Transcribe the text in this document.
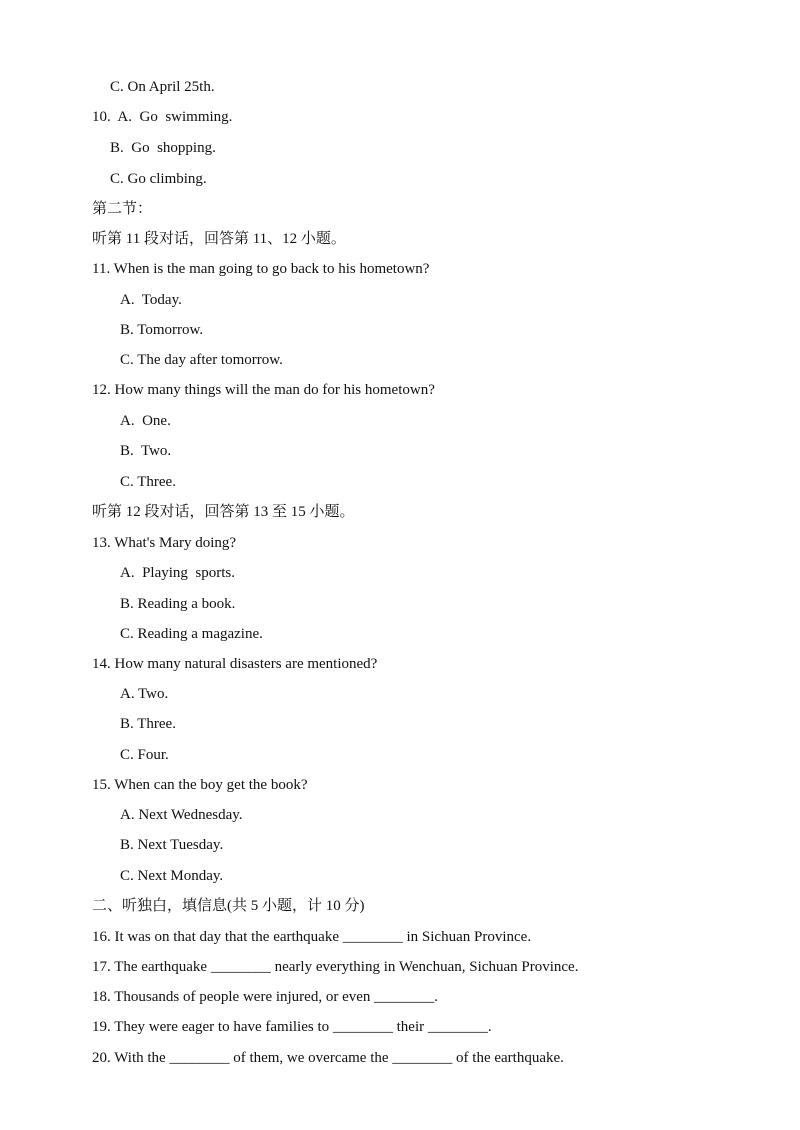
C. On April 25th.
10.  A.  Go  swimming.
B.  Go  shopping.
C. Go climbing.
第二节：
听第 11 段对话，回答第 11、12 小题。
11. When is the man going to go back to his hometown?
A.  Today.
B. Tomorrow.
C. The day after tomorrow.
12. How many things will the man do for his hometown?
A.  One.
B.  Two.
C. Three.
听第 12 段对话，回答第 13 至 15 小题。
13. What's Mary doing?
A.  Playing  sports.
B. Reading a book.
C. Reading a magazine.
14. How many natural disasters are mentioned?
A. Two.
B. Three.
C. Four.
15. When can the boy get the book?
A. Next Wednesday.
B. Next Tuesday.
C. Next Monday.
二、听独白，填信息(共 5 小题，计 10 分)
16. It was on that day that the earthquake ________ in Sichuan Province.
17. The earthquake ________ nearly everything in Wenchuan, Sichuan Province.
18. Thousands of people were injured, or even ________.
19. They were eager to have families to ________ their ________.
20. With the ________ of them, we overcame the ________ of the earthquake.
